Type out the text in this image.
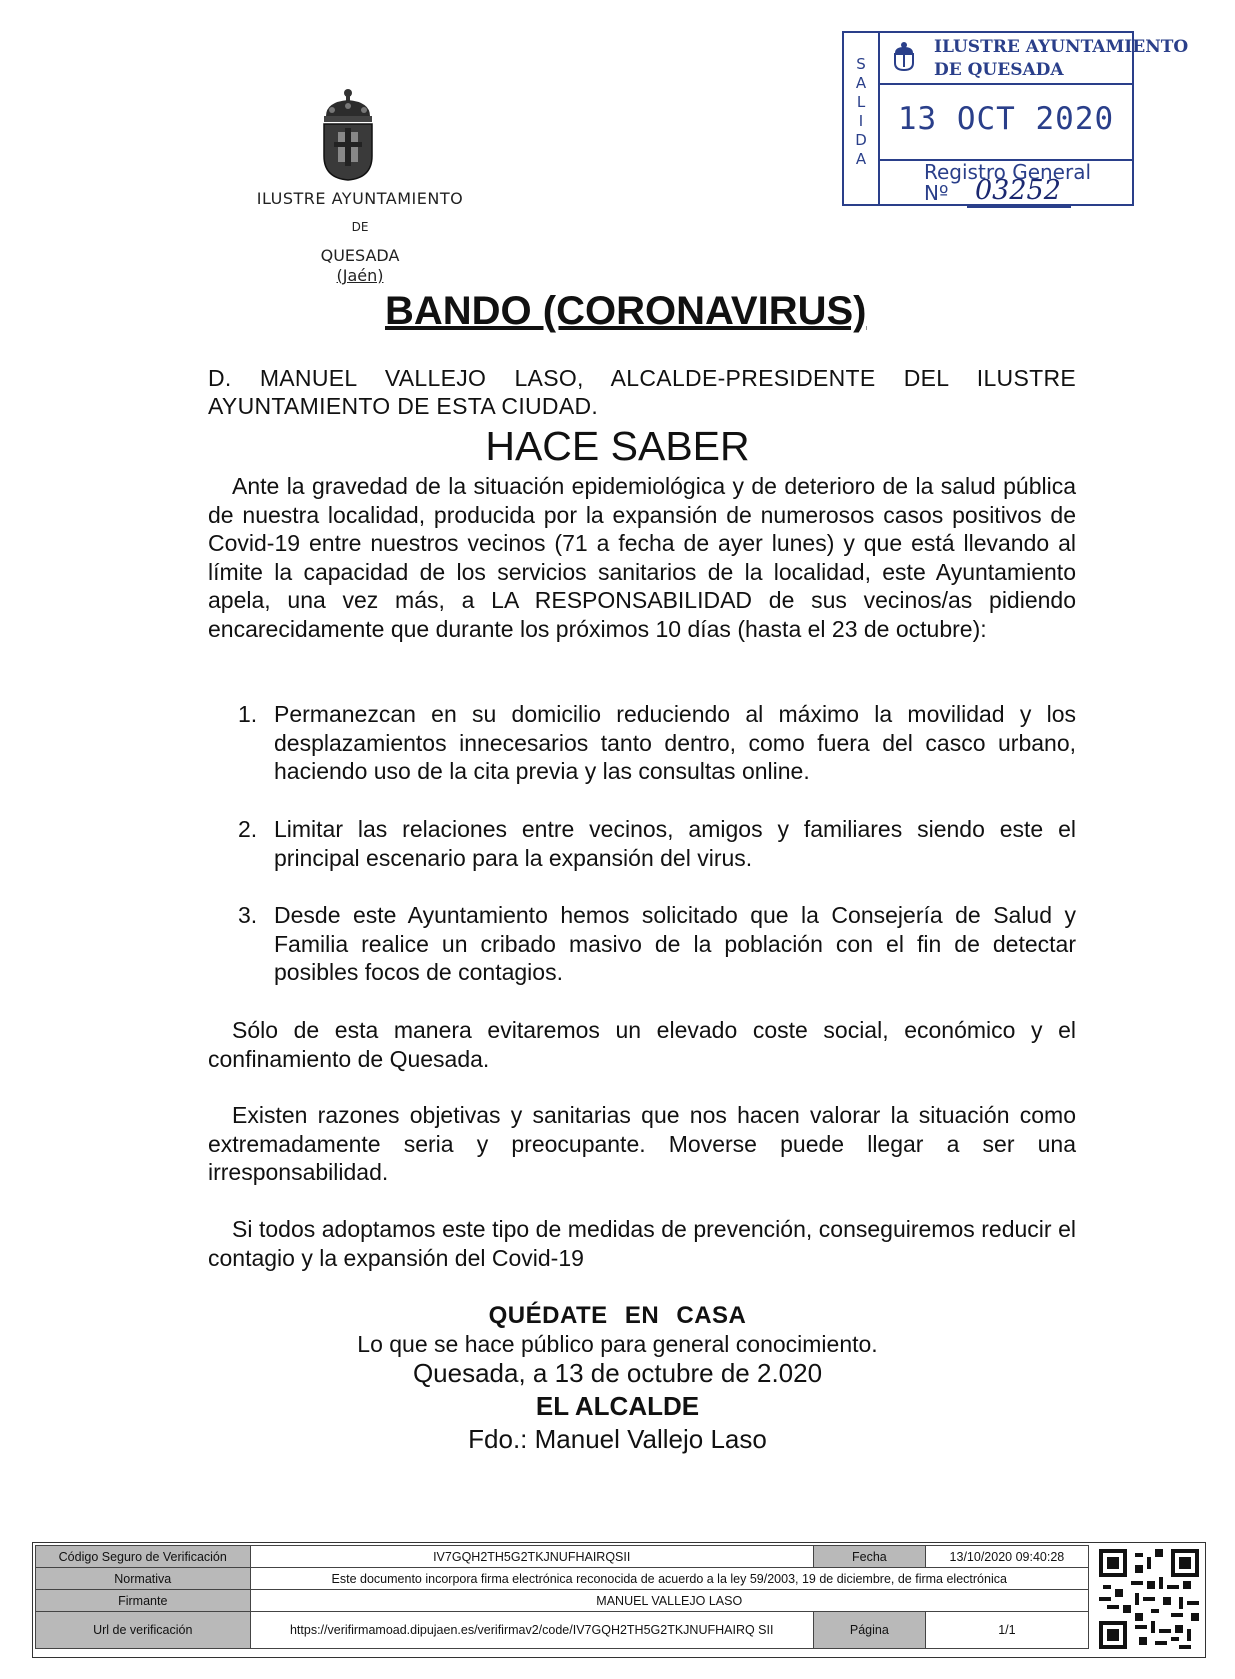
ILUSTRE AYUNTAMIENTO
DE
QUESADA
(Jaén)
S
A
L
I
D
A
ILUSTRE AYUNTAMIENTO
DE QUESADA
13 OCT 2020
Registro General
Nº 03252
BANDO (CORONAVIRUS)
D. MANUEL VALLEJO LASO, ALCALDE-PRESIDENTE DEL ILUSTRE AYUNTAMIENTO DE ESTA CIUDAD.
HACE SABER
Ante la gravedad de la situación epidemiológica y de deterioro de la salud pública de nuestra localidad, producida por la expansión de numerosos casos positivos de Covid-19 entre nuestros vecinos (71 a fecha de ayer lunes) y que está llevando al límite la capacidad de los servicios sanitarios de la localidad, este Ayuntamiento apela, una vez más, a LA RESPONSABILIDAD de sus vecinos/as pidiendo encarecidamente que durante los próximos 10 días (hasta el 23 de octubre):
1. Permanezcan en su domicilio reduciendo al máximo la movilidad y los desplazamientos innecesarios tanto dentro, como fuera del casco urbano, haciendo uso de la cita previa y las consultas online.
2. Limitar las relaciones entre vecinos, amigos y familiares siendo este el principal escenario para la expansión del virus.
3. Desde este Ayuntamiento hemos solicitado que la Consejería de Salud y Familia realice un cribado masivo de la población con el fin de detectar posibles focos de contagios.
Sólo de esta manera evitaremos un elevado coste social, económico y el confinamiento de Quesada.
Existen razones objetivas y sanitarias que nos hacen valorar la situación como extremadamente seria y preocupante. Moverse puede llegar a ser una irresponsabilidad.
Si todos adoptamos este tipo de medidas de prevención, conseguiremos reducir el contagio y la expansión del Covid-19
QUÉDATE EN CASA
Lo que se hace público para general conocimiento.
Quesada, a 13 de octubre de 2.020
EL ALCALDE
Fdo.: Manuel Vallejo Laso
Código Seguro de Verificación	IV7GQH2TH5G2TKJNUFHAIRQSII	Fecha	13/10/2020 09:40:28
Normativa	Este documento incorpora firma electrónica reconocida de acuerdo a la ley 59/2003, 19 de diciembre, de firma electrónica		
Firmante	MANUEL VALLEJO LASO		
Url de verificación	https://verifirmamoad.dipujaen.es/verifirmav2/code/IV7GQH2TH5G2TKJNUFHAIRQ SII	Página	1/1
